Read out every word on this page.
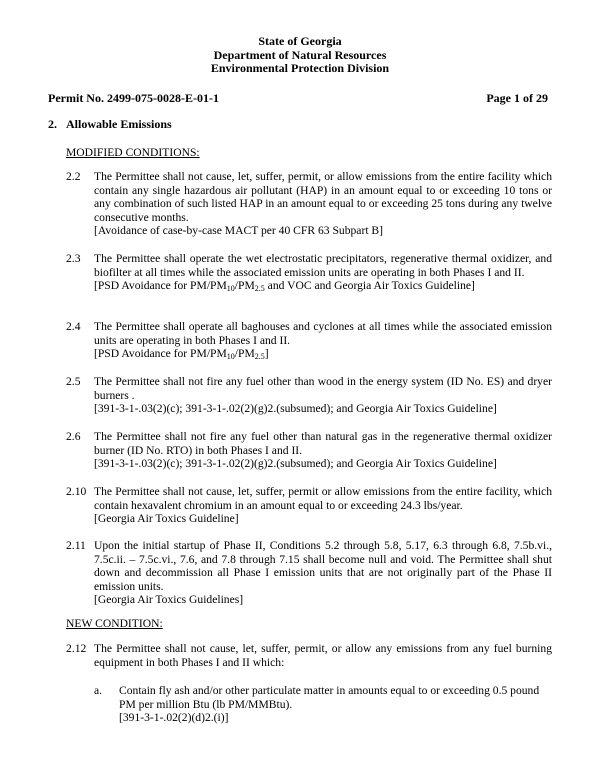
State of Georgia
Department of Natural Resources
Environmental Protection Division
Permit No. 2499-075-0028-E-01-1	Page 1 of 29
2. Allowable Emissions
MODIFIED CONDITIONS:
2.2	The Permittee shall not cause, let, suffer, permit, or allow emissions from the entire facility which contain any single hazardous air pollutant (HAP) in an amount equal to or exceeding 10 tons or any combination of such listed HAP in an amount equal to or exceeding 25 tons during any twelve consecutive months.
[Avoidance of case-by-case MACT per 40 CFR 63 Subpart B]
2.3	The Permittee shall operate the wet electrostatic precipitators, regenerative thermal oxidizer, and biofilter at all times while the associated emission units are operating in both Phases I and II.
[PSD Avoidance for $PM/PM_{10}/PM_{2.5}$ and VOC and Georgia Air Toxics Guideline]
2.4	The Permittee shall operate all baghouses and cyclones at all times while the associated emission units are operating in both Phases I and II.
[PSD Avoidance for $PM/PM_{10}/PM_{2.5}$]
2.5	The Permittee shall not fire any fuel other than wood in the energy system (ID No. ES) and dryer burners .
[391-3-1-.03(2)(c); 391-3-1-.02(2)(g)2.(subsumed); and Georgia Air Toxics Guideline]
2.6	The Permittee shall not fire any fuel other than natural gas in the regenerative thermal oxidizer burner (ID No. RTO) in both Phases I and II.
[391-3-1-.03(2)(c); 391-3-1-.02(2)(g)2.(subsumed); and Georgia Air Toxics Guideline]
2.10 The Permittee shall not cause, let, suffer, permit or allow emissions from the entire facility, which contain hexavalent chromium in an amount equal to or exceeding 24.3 lbs/year.
[Georgia Air Toxics Guideline]
2.11 Upon the initial startup of Phase II, Conditions 5.2 through 5.8, 5.17, 6.3 through 6.8, 7.5b.vi., 7.5c.ii. – 7.5c.vi., 7.6, and 7.8 through 7.15 shall become null and void. The Permittee shall shut down and decommission all Phase I emission units that are not originally part of the Phase II emission units.
[Georgia Air Toxics Guidelines]
NEW CONDITION:
2.12 The Permittee shall not cause, let, suffer, permit, or allow any emissions from any fuel burning equipment in both Phases I and II which:
a. Contain fly ash and/or other particulate matter in amounts equal to or exceeding 0.5 pound PM per million Btu (lb PM/MMBtu).
[391-3-1-.02(2)(d)2.(i)]
